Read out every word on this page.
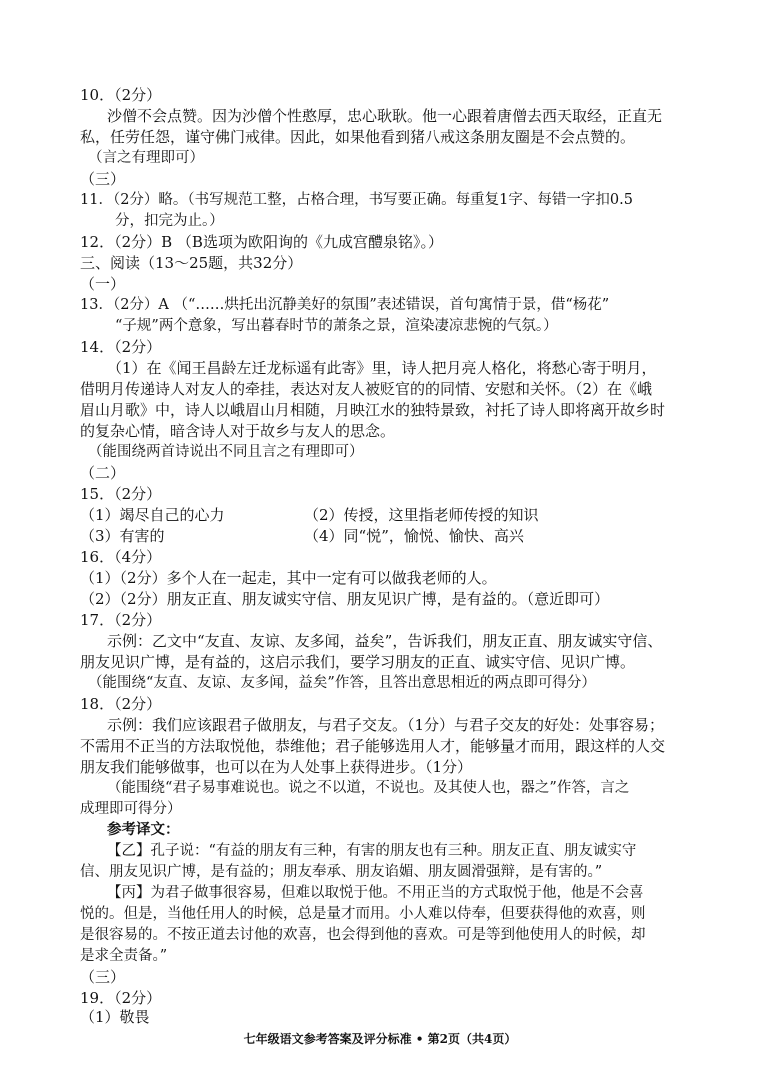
10．（2分）
沙僧不会点赞。因为沙僧个性憨厚，忠心耿耿。他一心跟着唐僧去西天取经，正直无
私，任劳任怨，谨守佛门戒律。因此，如果他看到猪八戒这条朋友圈是不会点赞的。
（言之有理即可）
（三）
11．（2分）略。（书写规范工整，占格合理，书写要正确。每重复1字、每错一字扣0.5
分，扣完为止。）
12．（2分）B （B选项为欧阳询的《九成宫醴泉铭》。）
三、阅读（13～25题，共32分）
（一）
13．（2分）A （“……烘托出沉静美好的氛围”表述错误，首句寓情于景，借“杨花”
“子规”两个意象，写出暮春时节的萧条之景，渲染凄凉悲惋的气氛。）
14．（2分）
（1）在《闻王昌龄左迁龙标遥有此寄》里，诗人把月亮人格化，将愁心寄于明月，
借明月传递诗人对友人的牵挂，表达对友人被贬官的的同情、安慰和关怀。（2）在《峨
眉山月歌》中，诗人以峨眉山月相随，月映江水的独特景致，衬托了诗人即将离开故乡时
的复杂心情，暗含诗人对于故乡与友人的思念。
（能围绕两首诗说出不同且言之有理即可）
（二）
15．（2分）
（1）竭尽自己的心力	（2）传授，这里指老师传授的知识
（3）有害的	（4）同“悦”，愉悦、愉快、高兴
16．（4分）
（1）（2分）多个人在一起走，其中一定有可以做我老师的人。
（2）（2分）朋友正直、朋友诚实守信、朋友见识广博，是有益的。（意近即可）
17．（2分）
示例：乙文中“友直、友谅、友多闻，益矣”，告诉我们，朋友正直、朋友诚实守信、
朋友见识广博，是有益的，这启示我们，要学习朋友的正直、诚实守信、见识广博。
（能围绕“友直、友谅、友多闻，益矣”作答，且答出意思相近的两点即可得分）
18．（2分）
示例：我们应该跟君子做朋友，与君子交友。（1分）与君子交友的好处：处事容易；
不需用不正当的方法取悦他，恭维他；君子能够选用人才，能够量才而用，跟这样的人交
朋友我们能够做事，也可以在为人处事上获得进步。（1分）
（能围绕“君子易事难说也。说之不以道，不说也。及其使人也，器之”作答，言之
成理即可得分）
参考译文：
【乙】孔子说：“有益的朋友有三种，有害的朋友也有三种。朋友正直、朋友诚实守
信、朋友见识广博，是有益的；朋友奉承、朋友谄媚、朋友圆滑强辩，是有害的。”
【丙】为君子做事很容易，但难以取悦于他。不用正当的方式取悦于他，他是不会喜
悦的。但是，当他任用人的时候，总是量才而用。小人难以侍奉，但要获得他的欢喜，则
是很容易的。不按正道去讨他的欢喜，也会得到他的喜欢。可是等到他使用人的时候，却
是求全责备。”
（三）
19．（2分）
（1）敬畏
七年级语文参考答案及评分标准 • 第2页（共4页）
